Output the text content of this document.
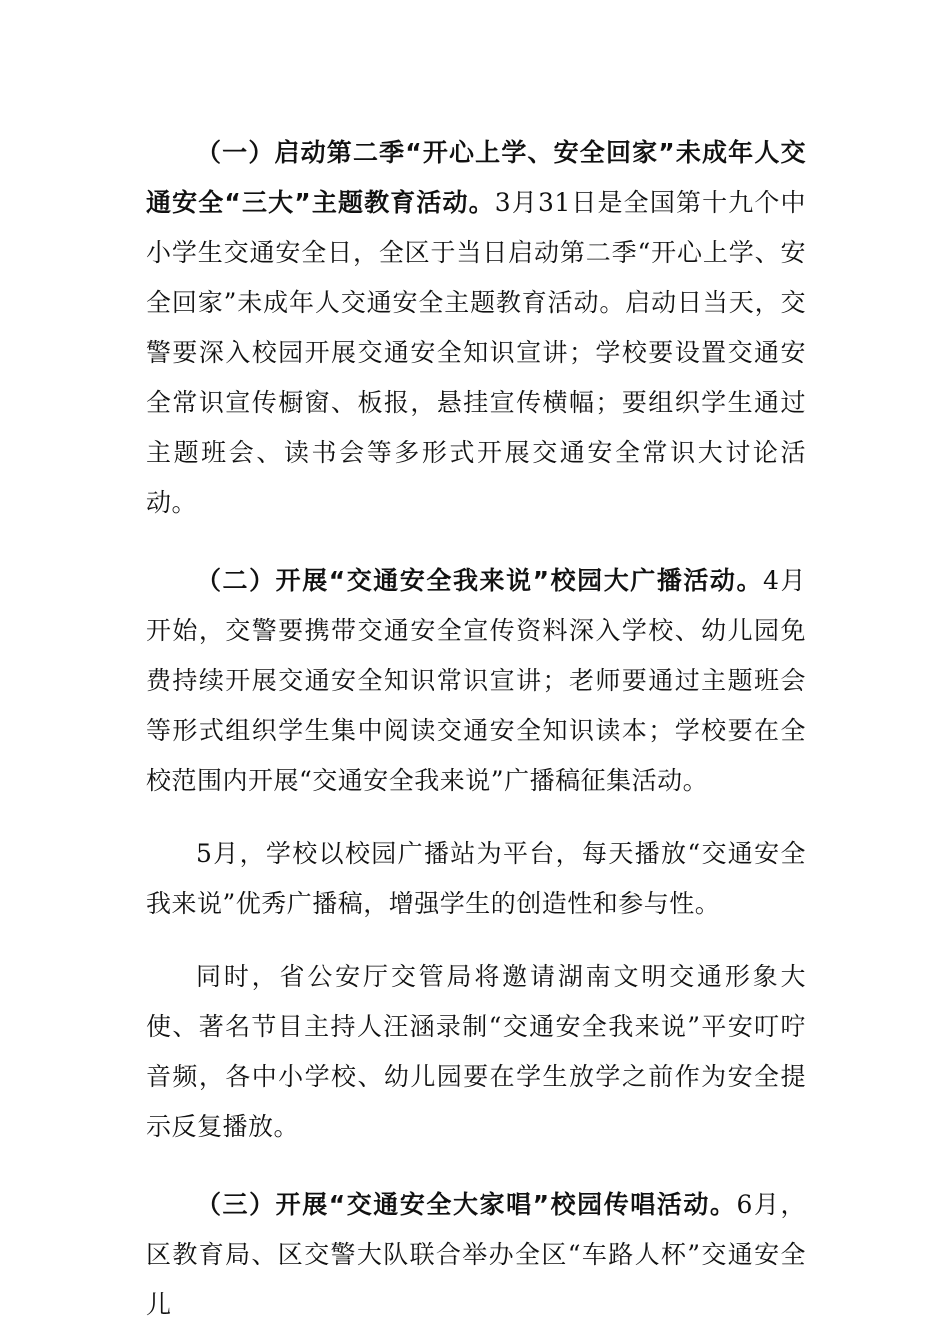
（一）启动第二季“开心上学、安全回家”未成年人交通安全“三大”主题教育活动。3月31日是全国第十九个中小学生交通安全日，全区于当日启动第二季“开心上学、安全回家”未成年人交通安全主题教育活动。启动日当天，交警要深入校园开展交通安全知识宣讲；学校要设置交通安全常识宣传橱窗、板报，悬挂宣传横幅；要组织学生通过主题班会、读书会等多形式开展交通安全常识大讨论活动。

（二）开展“交通安全我来说”校园大广播活动。4月开始，交警要携带交通安全宣传资料深入学校、幼儿园免费持续开展交通安全知识常识宣讲；老师要通过主题班会等形式组织学生集中阅读交通安全知识读本；学校要在全校范围内开展“交通安全我来说”广播稿征集活动。

5月，学校以校园广播站为平台，每天播放“交通安全我来说”优秀广播稿，增强学生的创造性和参与性。

同时，省公安厅交管局将邀请湖南文明交通形象大使、著名节目主持人汪涵录制“交通安全我来说”平安叮咛音频，各中小学校、幼儿园要在学生放学之前作为安全提示反复播放。

（三）开展“交通安全大家唱”校园传唱活动。6月，区教育局、区交警大队联合举办全区“车路人杯”交通安全儿
